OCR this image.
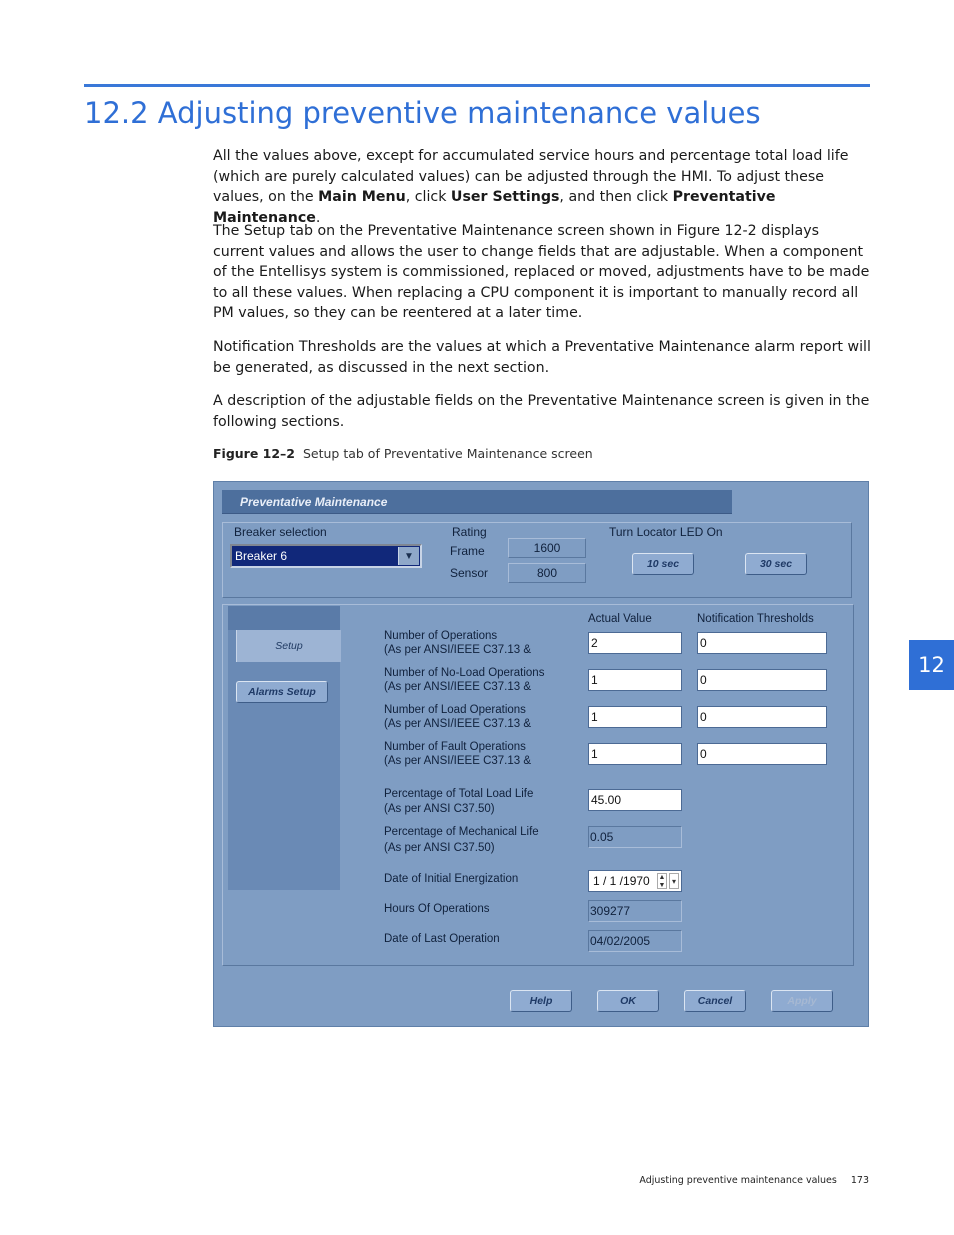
12.2 Adjusting preventive maintenance values

All the values above, except for accumulated service hours and percentage total load life (which are purely calculated values) can be adjusted through the HMI. To adjust these values, on the Main Menu, click User Settings, and then click Preventative Maintenance.

The Setup tab on the Preventative Maintenance screen shown in Figure 12-2 displays current values and allows the user to change fields that are adjustable. When a component of the Entellisys system is commissioned, replaced or moved, adjustments have to be made to all these values. When replacing a CPU component it is important to manually record all PM values, so they can be reentered at a later time.

Notification Thresholds are the values at which a Preventative Maintenance alarm report will be generated, as discussed in the next section.

A description of the adjustable fields on the Preventative Maintenance screen is given in the following sections.

Figure 12–2 Setup tab of Preventative Maintenance screen
12
Preventative Maintenance
Breaker selection
Breaker 6	▼
Rating
Frame	1600
Sensor	800
Turn Locator LED On
10 sec	30 sec
Setup
Alarms Setup
Actual Value	Notification Thresholds
Number of Operations
(As per ANSI/IEEE C37.13 &	2	0
Number of No-Load Operations
(As per ANSI/IEEE C37.13 &	1	0
Number of Load Operations
(As per ANSI/IEEE C37.13 &	1	0
Number of Fault Operations
(As per ANSI/IEEE C37.13 &	1	0
Percentage of Total Load Life
(As per ANSI C37.50)
45.00
Percentage of Mechanical Life
(As per ANSI C37.50)
0.05
Date of Initial Energization	1 / 1 /1970 ▲
▼ ▾
Hours Of Operations	309277
Date of Last Operation	04/02/2005
Help	OK	Cancel	Apply
Adjusting preventive maintenance values 173
